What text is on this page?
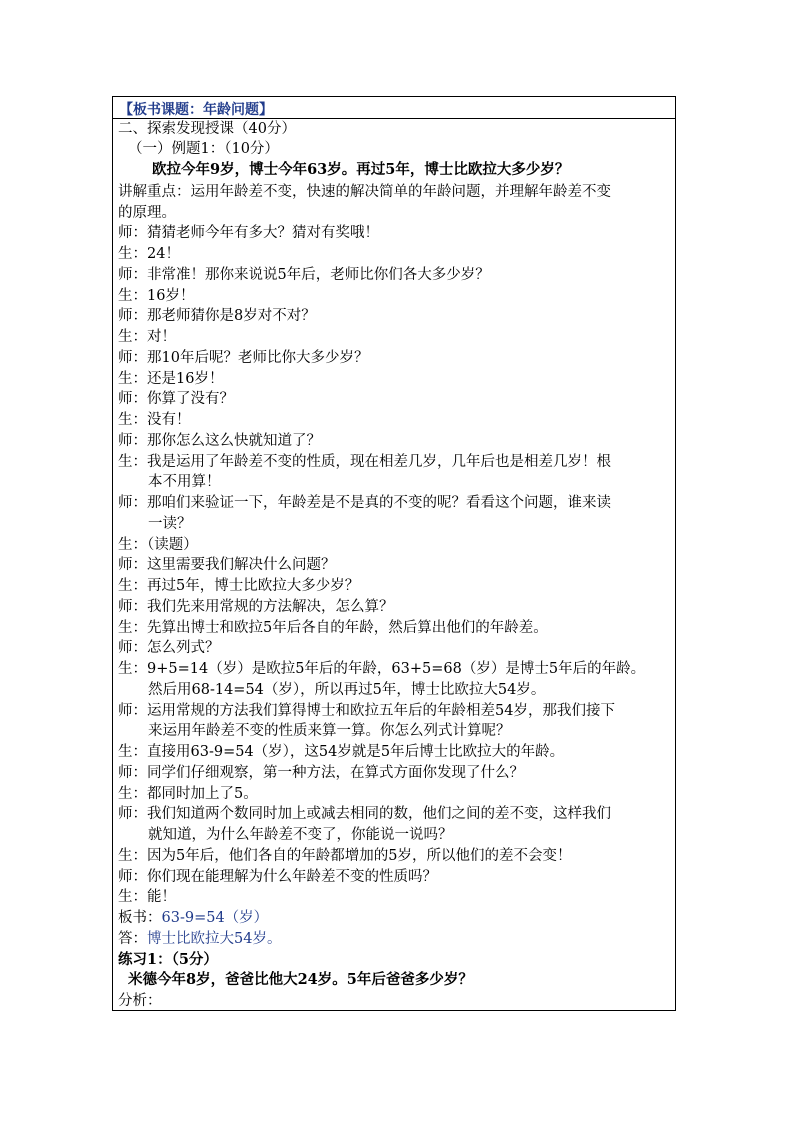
【板书课题：年龄问题】
二、探索发现授课（40分）
（一）例题1：（10分）
欧拉今年9岁，博士今年63岁。再过5年，博士比欧拉大多少岁？
讲解重点：运用年龄差不变，快速的解决简单的年龄问题，并理解年龄差不变
的原理。
师：猜猜老师今年有多大？猜对有奖哦！
生：24！
师：非常准！那你来说说5年后，老师比你们各大多少岁？
生：16岁！
师：那老师猜你是8岁对不对？
生：对！
师：那10年后呢？老师比你大多少岁？
生：还是16岁！
师：你算了没有？
生：没有！
师：那你怎么这么快就知道了？
生：我是运用了年龄差不变的性质，现在相差几岁，几年后也是相差几岁！根
本不用算！
师：那咱们来验证一下，年龄差是不是真的不变的呢？看看这个问题，谁来读
一读？
生：（读题）
师：这里需要我们解决什么问题？
生：再过5年，博士比欧拉大多少岁？
师：我们先来用常规的方法解决，怎么算？
生：先算出博士和欧拉5年后各自的年龄，然后算出他们的年龄差。
师：怎么列式？
生：9+5=14（岁）是欧拉5年后的年龄，63+5=68（岁）是博士5年后的年龄。
然后用68-14=54（岁），所以再过5年，博士比欧拉大54岁。
师：运用常规的方法我们算得博士和欧拉五年后的年龄相差54岁，那我们接下
来运用年龄差不变的性质来算一算。你怎么列式计算呢？
生：直接用63-9=54（岁），这54岁就是5年后博士比欧拉大的年龄。
师：同学们仔细观察，第一种方法，在算式方面你发现了什么？
生：都同时加上了5。
师：我们知道两个数同时加上或减去相同的数，他们之间的差不变，这样我们
就知道，为什么年龄差不变了，你能说一说吗？
生：因为5年后，他们各自的年龄都增加的5岁，所以他们的差不会变！
师：你们现在能理解为什么年龄差不变的性质吗？
生：能！
板书：63-9=54（岁）
答：博士比欧拉大54岁。
练习1：（5分）
米德今年8岁，爸爸比他大24岁。5年后爸爸多少岁？
分析：
